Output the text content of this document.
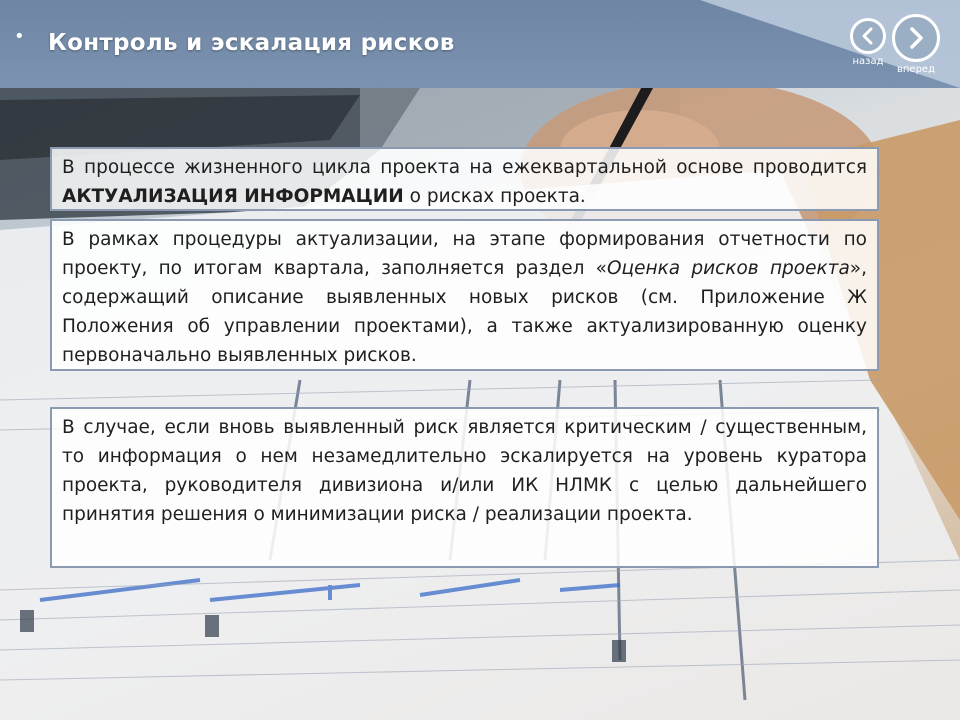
• Контроль и эскалация рисков
назад
вперед

В процессе жизненного цикла проекта на ежеквартальной основе проводится АКТУАЛИЗАЦИЯ ИНФОРМАЦИИ о рисках проекта.

В рамках процедуры актуализации, на этапе формирования отчетности по проекту, по итогам квартала, заполняется раздел «Оценка рисков проекта», содержащий описание выявленных новых рисков (см. Приложение Ж Положения об управлении проектами), а также актуализированную оценку первоначально выявленных рисков.

В случае, если вновь выявленный риск является критическим / существенным, то информация о нем незамедлительно эскалируется на уровень куратора проекта, руководителя дивизиона и/или ИК НЛМК с целью дальнейшего принятия решения о минимизации риска / реализации проекта.
